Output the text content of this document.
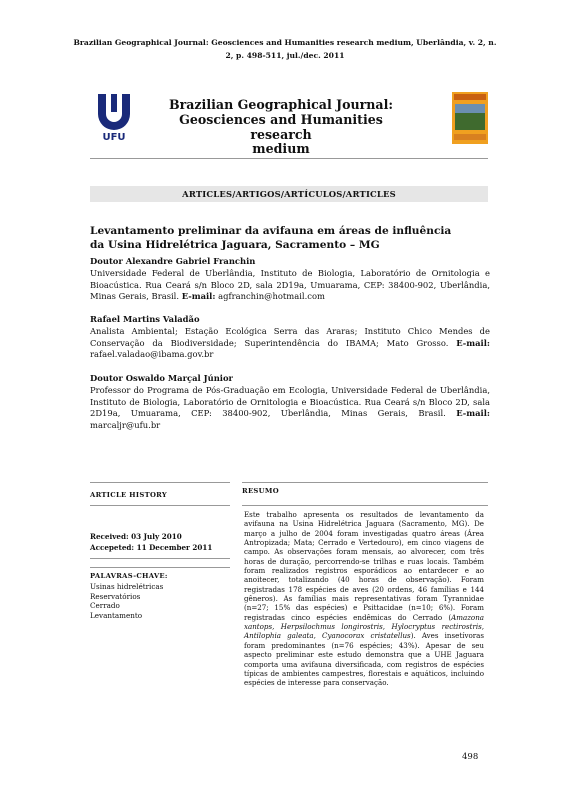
Brazilian Geographical Journal: Geosciences and Humanities research medium, Uberlândia, v. 2, n.
2, p. 498-511, jul./dec. 2011
UFU
Brazilian Geographical Journal:
Geosciences and Humanities research
medium
ARTICLES/ARTIGOS/ARTÍCULOS/ARTICLES
Levantamento preliminar da avifauna em áreas de influência
da Usina Hidrelétrica Jaguara, Sacramento – MG
Doutor Alexandre Gabriel Franchin
Universidade Federal de Uberlândia, Instituto de Biologia, Laboratório de Ornitologia e Bioacústica. Rua Ceará s/n Bloco 2D, sala 2D19a, Umuarama, CEP: 38400-902, Uberlândia, Minas Gerais, Brasil. E-mail: agfranchin@hotmail.com
Rafael Martins Valadão
Analista Ambiental; Estação Ecológica Serra das Araras; Instituto Chico Mendes de Conservação da Biodiversidade; Superintendência do IBAMA; Mato Grosso. E-mail: rafael.valadao@ibama.gov.br
Doutor Oswaldo Marçal Júnior
Professor do Programa de Pós-Graduação em Ecologia, Universidade Federal de Uberlândia, Instituto de Biologia, Laboratório de Ornitologia e Bioacústica. Rua Ceará s/n Bloco 2D, sala 2D19a, Umuarama, CEP: 38400-902, Uberlândia, Minas Gerais, Brasil. E-mail: marcaljr@ufu.br
ARTICLE HISTORY
Received: 03 July 2010
Accepeted: 11 December 2011
PALAVRAS-CHAVE:
Usinas hidrelétricas
Reservatórios
Cerrado
Levantamento
RESUMO
Este trabalho apresenta os resultados de levantamento da avifauna na Usina Hidrelétrica Jaguara (Sacramento, MG). De março a julho de 2004 foram investigadas quatro áreas (Área Antropizada; Mata; Cerrado e Vertedouro), em cinco viagens de campo. As observações foram mensais, ao alvorecer, com três horas de duração, percorrendo-se trilhas e ruas locais. Também foram realizados registros esporádicos ao entardecer e ao anoitecer, totalizando (40 horas de observação). Foram registradas 178 espécies de aves (20 ordens, 46 famílias e 144 gêneros). As famílias mais representativas foram Tyrannidae (n=27; 15% das espécies) e Psittacidae (n=10; 6%). Foram registradas cinco espécies endêmicas do Cerrado (Amazona xantops, Herpsilochmus longirostris, Hylocryptus rectirostris, Antilophia galeata, Cyanocorax cristatellus). Aves insetívoras foram predominantes (n=76 espécies; 43%). Apesar de seu aspecto preliminar este estudo demonstra que a UHE Jaguara comporta uma avifauna diversificada, com registros de espécies típicas de ambientes campestres, florestais e aquáticos, incluindo espécies de interesse para conservação.
498
